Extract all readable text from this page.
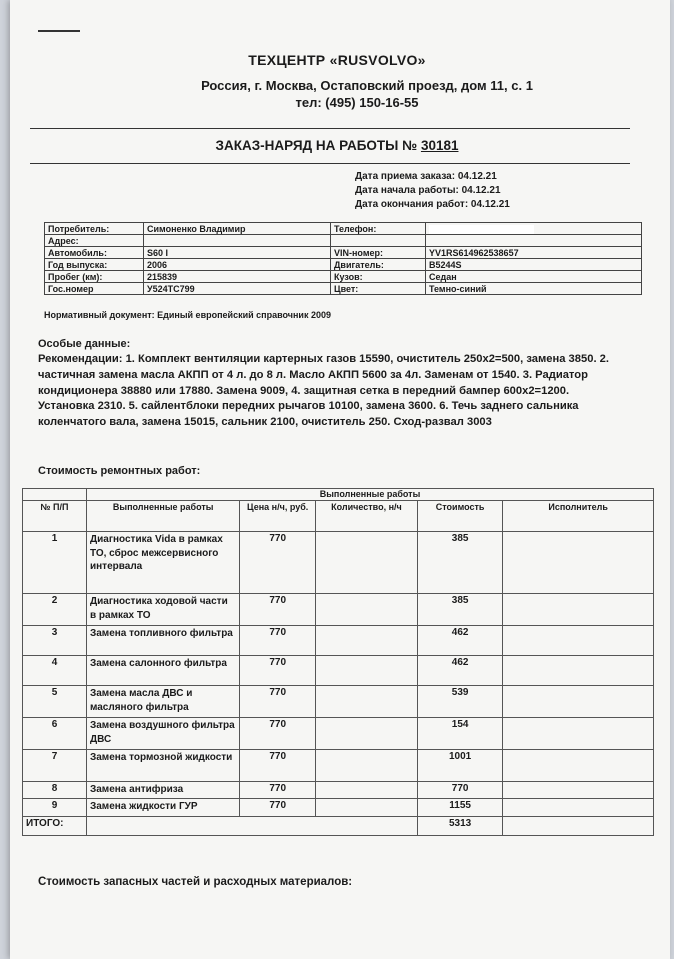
ТЕХЦЕНТР «RUSVOLVO»
Россия, г. Москва, Остаповский проезд, дом 11, с. 1
тел: (495) 150-16-55
ЗАКАЗ-НАРЯД НА РАБОТЫ № 30181
Дата приема заказа: 04.12.21
Дата начала работы: 04.12.21
Дата окончания работ: 04.12.21
Потребитель:	Симоненко Владимир	Телефон:	
Адрес:			
Автомобиль:	S60 I	VIN-номер:	YV1RS614962538657
Год выпуска:	2006	Двигатель:	B5244S
Пробег (км):	215839	Кузов:	Седан
Гос.номер	У524ТС799	Цвет:	Темно-синий
Нормативный документ: Единый европейский справочник 2009
Особые данные:
Рекомендации: 1. Комплект вентиляции картерных газов 15590, очиститель 250х2=500, замена 3850. 2. частичная замена масла АКПП от 4 л. до 8 л. Масло АКПП 5600 за 4л. Заменам от 1540. 3. Радиатор кондиционера 38880 или 17880. Замена 9009, 4. защитная сетка в передний бампер 600х2=1200. Установка 2310. 5. сайлентблоки передних рычагов 10100, замена 3600. 6. Течь заднего сальника коленчатого вала, замена 15015, сальник 2100, очиститель 250. Сход-развал 3003
Стоимость ремонтных работ:
	Выполненные работы				
№ П/П	Выполненные работы	Цена н/ч, руб.	Количество, н/ч	Стоимость	Исполнитель
1	Диагностика Vida в рамках ТО, сброс межсервисного интервала	770		385	
2	Диагностика ходовой части в рамках ТО	770		385	
3	Замена топливного фильтра	770		462	
4	Замена салонного фильтра	770		462	
5	Замена масла ДВС и масляного фильтра	770		539	
6	Замена воздушного фильтра ДВС	770		154	
7	Замена тормозной жидкости	770		1001	
8	Замена антифриза	770		770	
9	Замена жидкости ГУР	770		1155	
ИТОГО:				5313	
Стоимость запасных частей и расходных материалов:
